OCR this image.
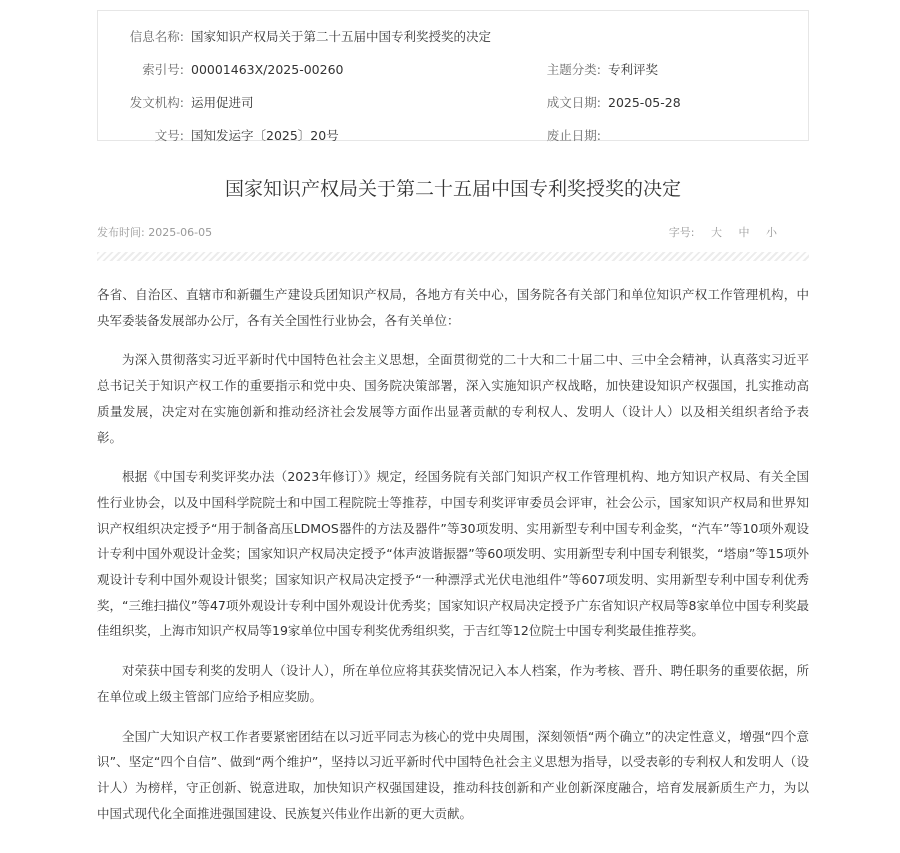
信息名称: 国家知识产权局关于第二十五届中国专利奖授奖的决定
索引号: 00001463X/2025-00260	主题分类: 专利评奖
发文机构: 运用促进司	成文日期: 2025-05-28
文号: 国知发运字〔2025〕20号	废止日期:
国家知识产权局关于第二十五届中国专利奖授奖的决定
发布时间: 2025-06-05	字号: 大 中 小

各省、自治区、直辖市和新疆生产建设兵团知识产权局，各地方有关中心，国务院各有关部门和单位知识产权工作管理机构，中央军委装备发展部办公厅，各有关全国性行业协会，各有关单位：

为深入贯彻落实习近平新时代中国特色社会主义思想，全面贯彻党的二十大和二十届二中、三中全会精神，认真落实习近平总书记关于知识产权工作的重要指示和党中央、国务院决策部署，深入实施知识产权战略，加快建设知识产权强国，扎实推动高质量发展，决定对在实施创新和推动经济社会发展等方面作出显著贡献的专利权人、发明人（设计人）以及相关组织者给予表彰。

根据《中国专利奖评奖办法（2023年修订）》规定，经国务院有关部门知识产权工作管理机构、地方知识产权局、有关全国性行业协会，以及中国科学院院士和中国工程院院士等推荐，中国专利奖评审委员会评审，社会公示，国家知识产权局和世界知识产权组织决定授予“用于制备高压LDMOS器件的方法及器件”等30项发明、实用新型专利中国专利金奖，“汽车”等10项外观设计专利中国外观设计金奖；国家知识产权局决定授予“体声波谐振器”等60项发明、实用新型专利中国专利银奖，“塔扇”等15项外观设计专利中国外观设计银奖；国家知识产权局决定授予“一种漂浮式光伏电池组件”等607项发明、实用新型专利中国专利优秀奖，“三维扫描仪”等47项外观设计专利中国外观设计优秀奖；国家知识产权局决定授予广东省知识产权局等8家单位中国专利奖最佳组织奖，上海市知识产权局等19家单位中国专利奖优秀组织奖，于吉红等12位院士中国专利奖最佳推荐奖。

对荣获中国专利奖的发明人（设计人），所在单位应将其获奖情况记入本人档案，作为考核、晋升、聘任职务的重要依据，所在单位或上级主管部门应给予相应奖励。

全国广大知识产权工作者要紧密团结在以习近平同志为核心的党中央周围，深刻领悟“两个确立”的决定性意义，增强“四个意识”、坚定“四个自信”、做到“两个维护”，坚持以习近平新时代中国特色社会主义思想为指导，以受表彰的专利权人和发明人（设计人）为榜样，守正创新、锐意进取，加快知识产权强国建设，推动科技创新和产业创新深度融合，培育发展新质生产力，为以中国式现代化全面推进强国建设、民族复兴伟业作出新的更大贡献。
